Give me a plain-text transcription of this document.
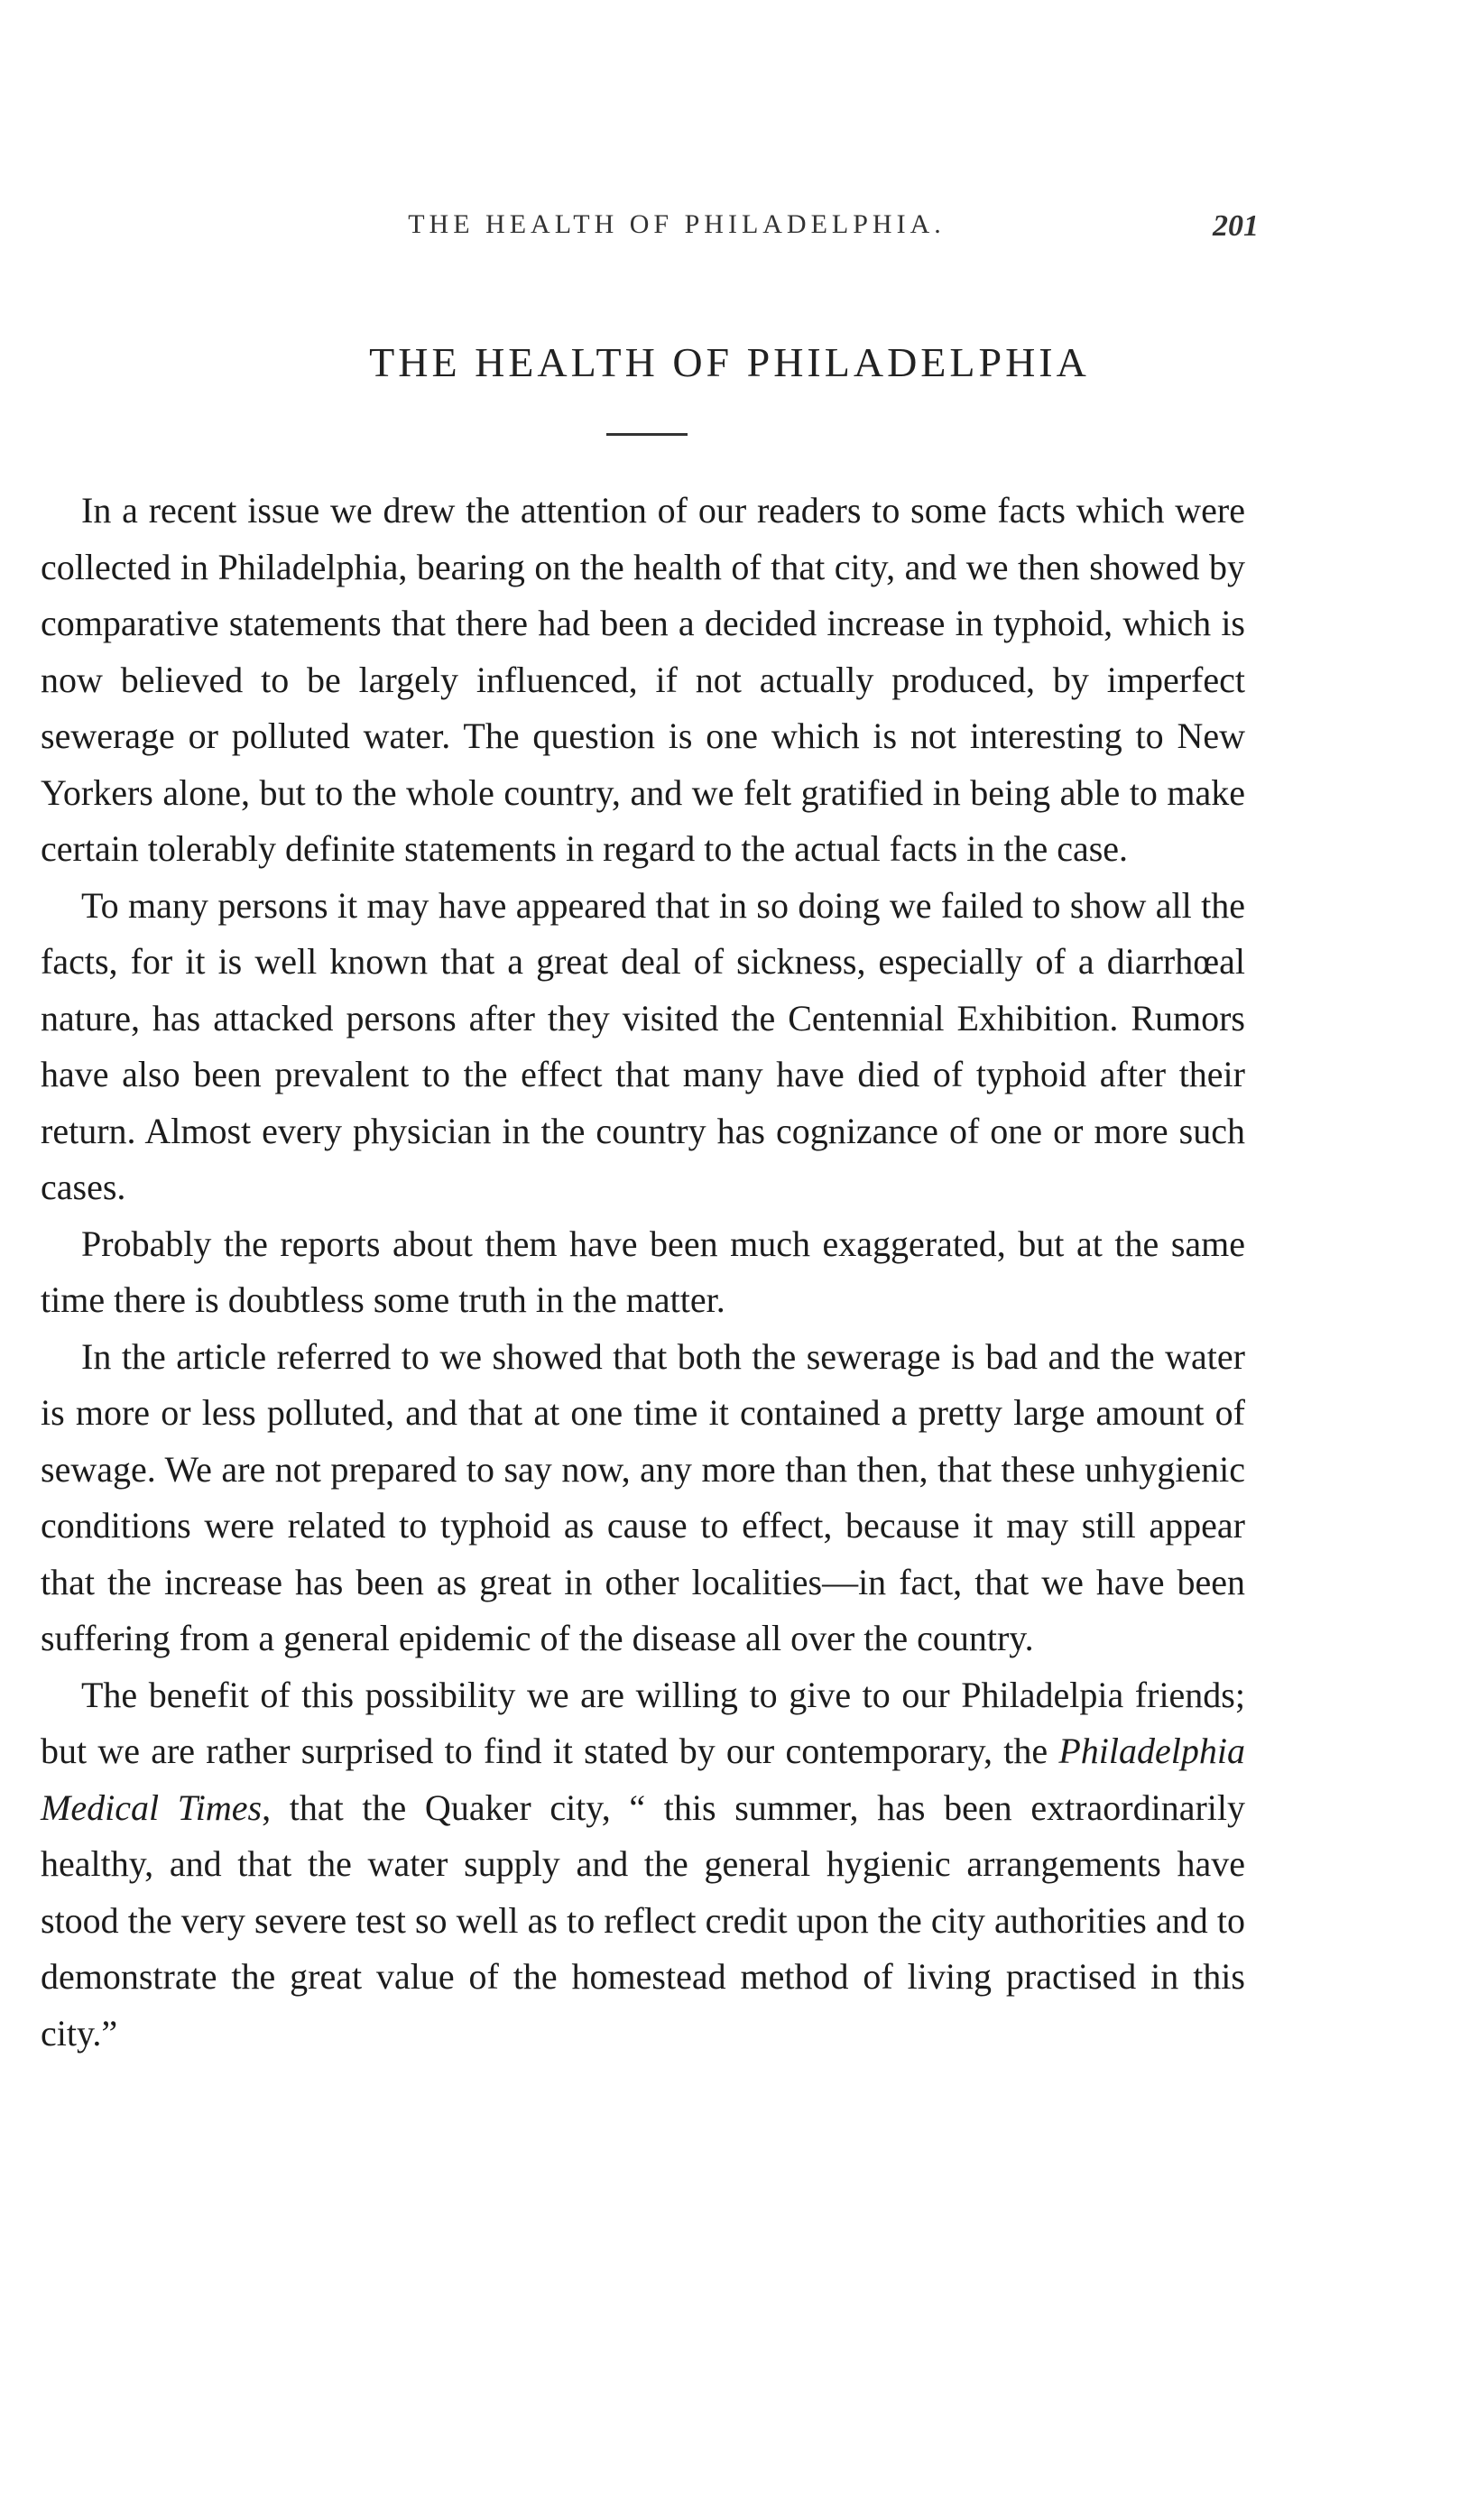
THE HEALTH OF PHILADELPHIA.	201
THE HEALTH OF PHILADELPHIA

In a recent issue we drew the attention of our readers to some facts which were collected in Philadelphia, bearing on the health of that city, and we then showed by comparative statements that there had been a decided increase in typhoid, which is now believed to be largely influenced, if not actually produced, by imperfect sewerage or polluted water. The question is one which is not interesting to New Yorkers alone, but to the whole country, and we felt gratified in being able to make certain tolerably definite statements in regard to the actual facts in the case.

To many persons it may have appeared that in so doing we failed to show all the facts, for it is well known that a great deal of sickness, especially of a diarrhœal nature, has attacked persons after they visited the Centennial Exhibition. Rumors have also been prevalent to the effect that many have died of typhoid after their return. Almost every physician in the country has cognizance of one or more such cases.

Probably the reports about them have been much exaggerated, but at the same time there is doubtless some truth in the matter.

In the article referred to we showed that both the sewerage is bad and the water is more or less polluted, and that at one time it contained a pretty large amount of sewage. We are not prepared to say now, any more than then, that these unhygienic conditions were related to typhoid as cause to effect, because it may still appear that the increase has been as great in other localities—in fact, that we have been suffering from a general epidemic of the disease all over the country.

The benefit of this possibility we are willing to give to our Philadelpia friends; but we are rather surprised to find it stated by our contemporary, the Philadelphia Medical Times, that the Quaker city, “ this summer, has been extraordinarily healthy, and that the water supply and the general hygienic arrangements have stood the very severe test so well as to reflect credit upon the city authorities and to demonstrate the great value of the homestead method of living practised in this city.”
